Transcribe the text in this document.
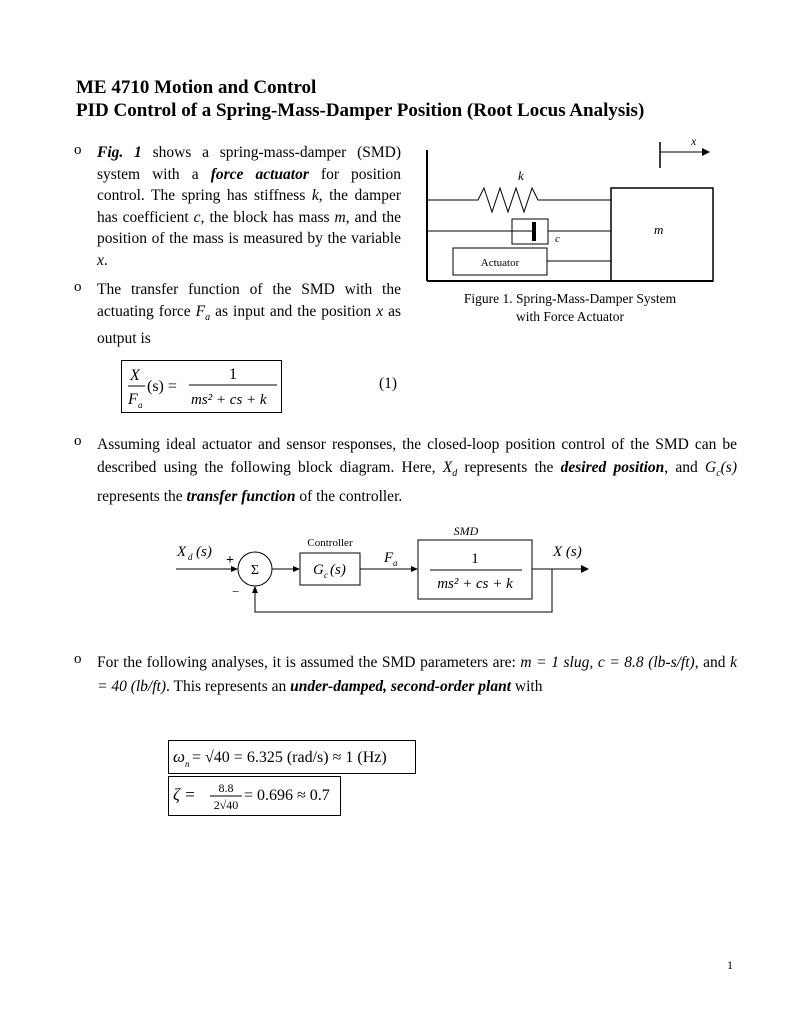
ME 4710 Motion and Control
PID Control of a Spring-Mass-Damper Position (Root Locus Analysis)
o Fig. 1 shows a spring-mass-damper (SMD) system with a force actuator for position control. The spring has stiffness k, the damper has coefficient c, the block has mass m, and the position of the mass is measured by the variable x.
o The transfer function of the SMD with the actuating force $F_a$ as input and the position x as output is
X
F a
(s) =
1
ms² + cs + k
(1)
m
x
k
c
Actuator
Figure 1. Spring-Mass-Damper System
with Force Actuator
o Assuming ideal actuator and sensor responses, the closed-loop position control of the SMD can be described using the following block diagram. Here, $X_d$ represents the desired position, and $G_c(s)$ represents the transfer function of the controller.
X d (s)
+
−
Σ
Controller
G c (s)
F a
SMD
1
ms² + cs + k
X (s)
o For the following analyses, it is assumed the SMD parameters are: m = 1 slug, c = 8.8 (lb-s/ft), and k = 40 (lb/ft). This represents an under-damped, second-order plant with
ω n = √40 = 6.325 (rad/s) ≈ 1 (Hz)
ζ = 8.8
2√40
= 0.696 ≈ 0.7
1
